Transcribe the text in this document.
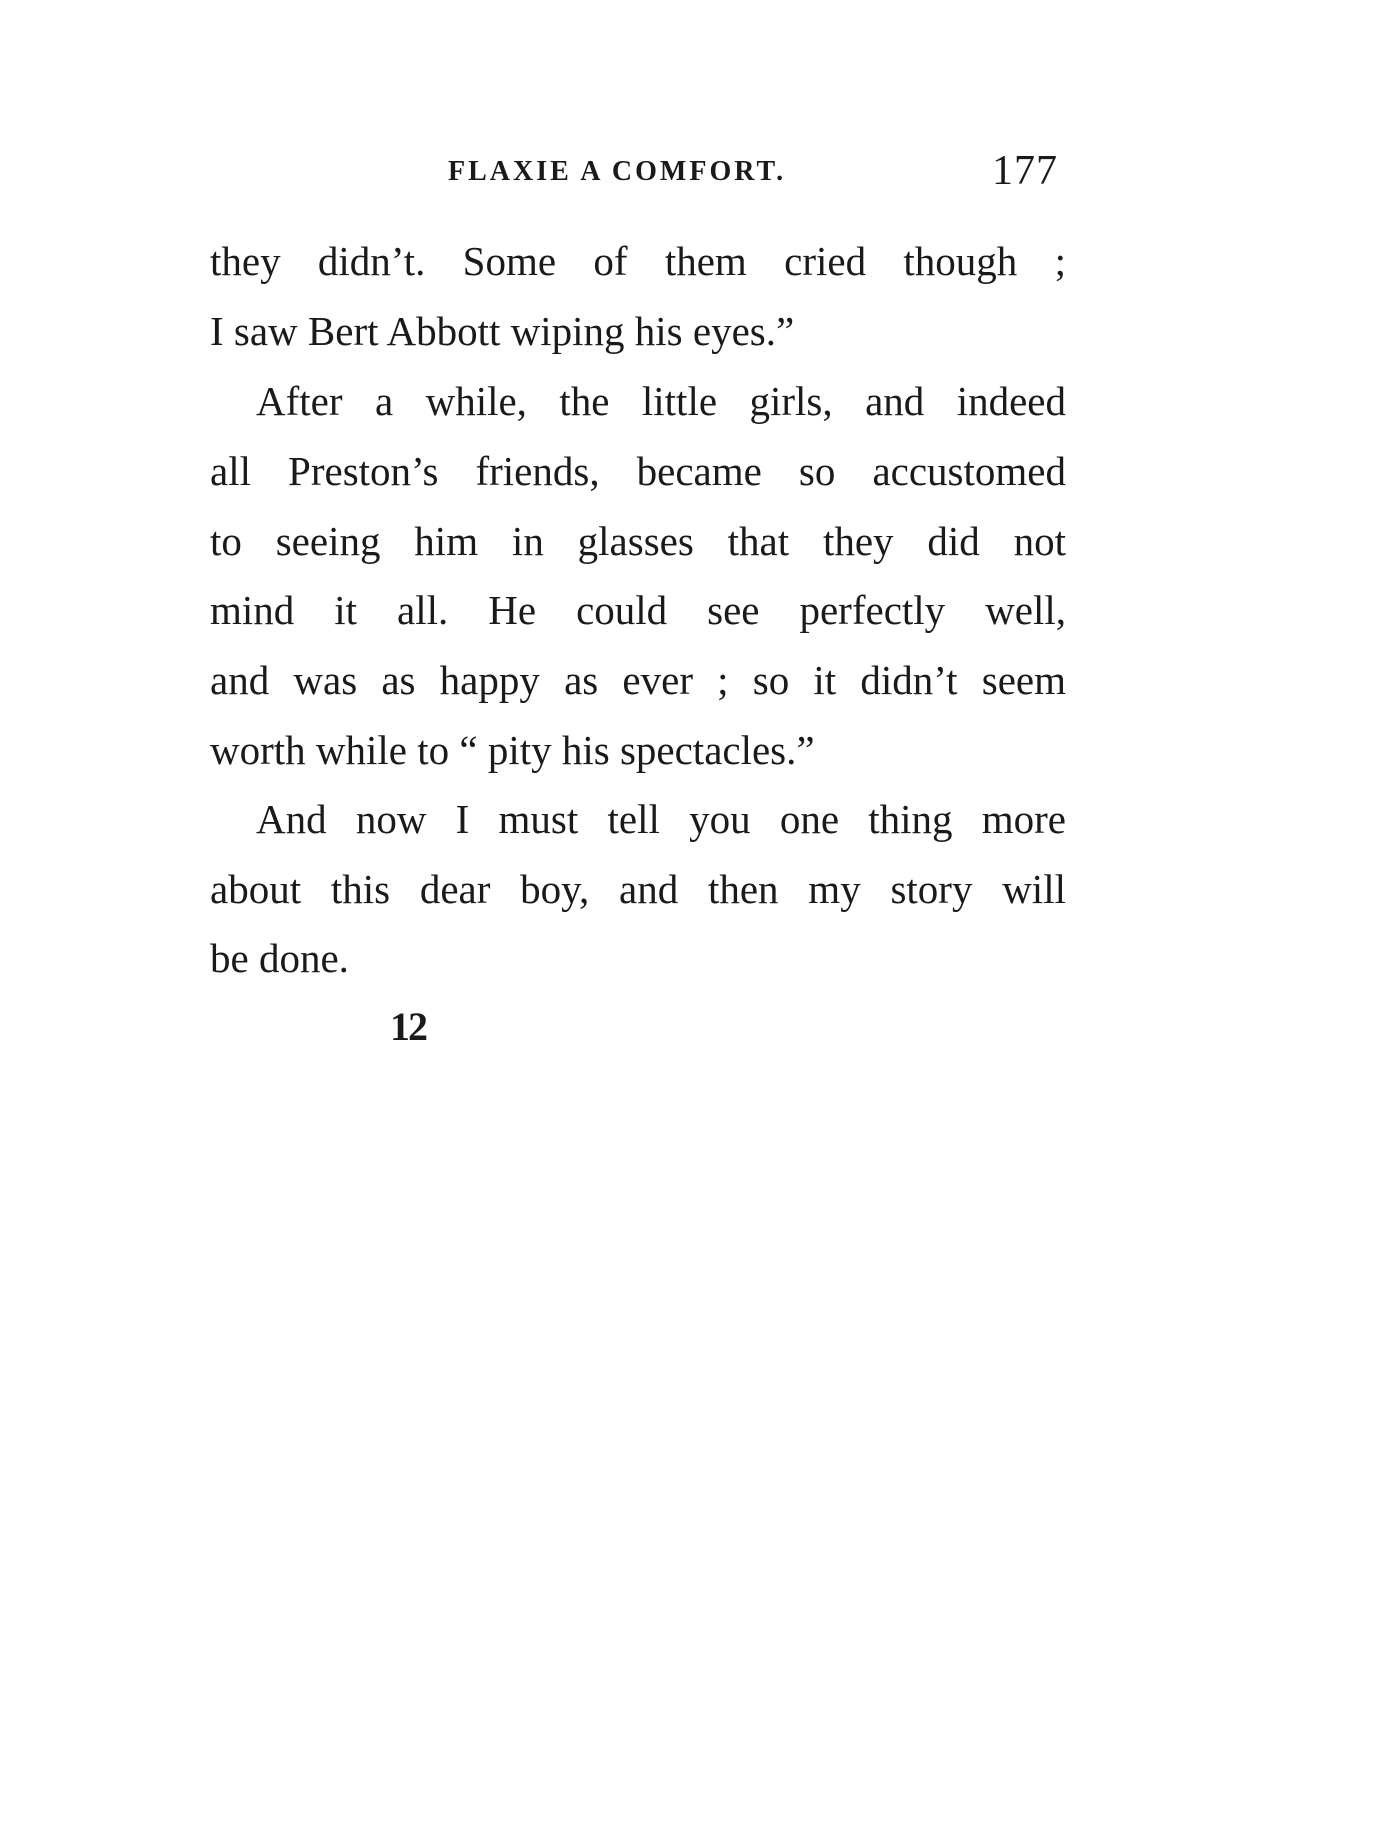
FLAXIE A COMFORT.	177
they didn’t. Some of them cried though ;
I saw Bert Abbott wiping his eyes.”
After a while, the little girls, and indeed
all Preston’s friends, became so accustomed
to seeing him in glasses that they did not
mind it all. He could see perfectly well,
and was as happy as ever ; so it didn’t seem
worth while to “ pity his spectacles.”
And now I must tell you one thing more
about this dear boy, and then my story will
be done.
12
